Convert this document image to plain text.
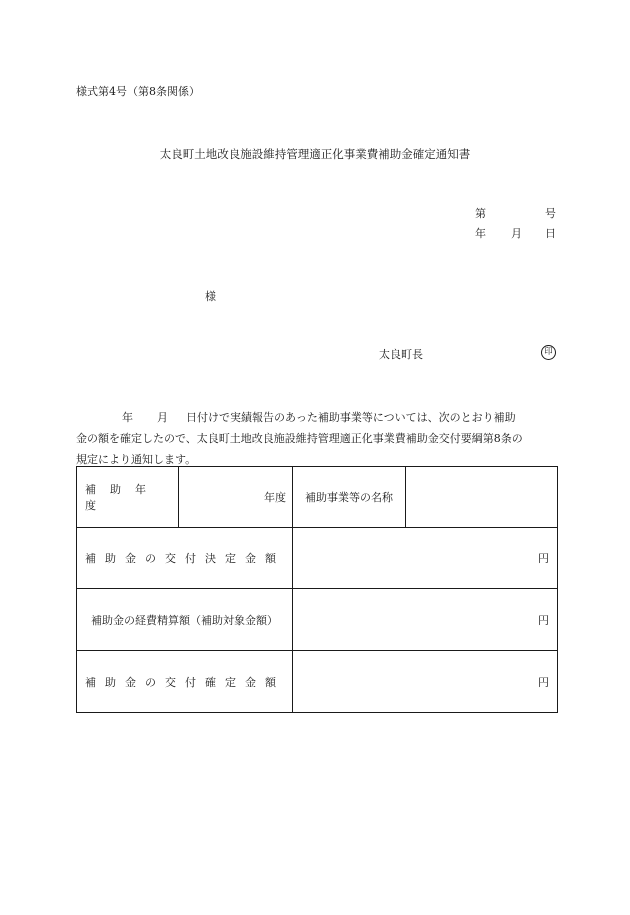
様式第4号（第8条関係）
太良町土地改良施設維持管理適正化事業費補助金確定通知書
第	号
年 月 日
様
太良町長	印
年 月 日付けで実績報告のあった補助事業等については、次のとおり補助
金の額を確定したので、太良町土地改良施設維持管理適正化事業費補助金交付要綱第8条の
規定により通知します。
補助年度	年度	補助事業等の名称	
補助金の交付決定金額		円	
補助金の経費精算額（補助対象金額）		円	
補助金の交付確定金額		円	
